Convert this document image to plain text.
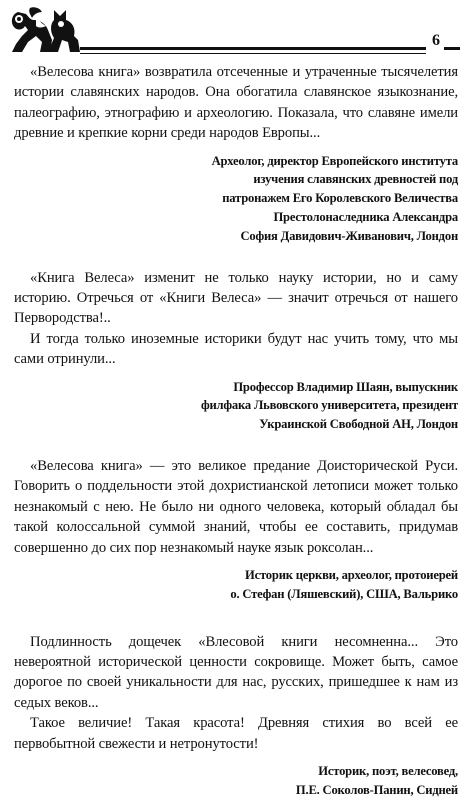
6

«Велесова книга» возвратила отсеченные и утраченные тысячелетия истории славянских народов. Она обогатила славянское языкознание, палеографию, этнографию и археологию. Показала, что славяне имели древние и крепкие корни среди народов Европы...

Археолог, директор Европейского института
изучения славянских древностей под
патронажем Его Королевского Величества
Престолонаследника Александра
София Давидович-Живанович, Лондон

«Книга Велеса» изменит не только науку истории, но и саму историю. Отречься от «Книги Велеса» — значит отречься от нашего Первородства!..

И тогда только иноземные историки будут нас учить тому, что мы сами отринули...

Профессор Владимир Шаян, выпускник
филфака Львовского университета, президент
Украинской Свободной АН, Лондон

«Велесова книга» — это великое предание Доисторической Руси. Говорить о поддельности этой дохристианской летописи может только незнакомый с нею. Не было ни одного человека, который обладал бы такой колоссальной суммой знаний, чтобы ее составить, придумав совершенно до сих пор незнакомый науке язык роксолан...

Историк церкви, археолог, протоиерей
о. Стефан (Ляшевский), США, Вальрико

Подлинность дощечек «Влесовой книги несомненна... Это невероятной исторической ценности сокровище. Может быть, самое дорогое по своей уникальности для нас, русских, пришедшее к нам из седых веков...

Такое величие! Такая красота! Древняя стихия во всей ее первобытной свежести и нетронутости!

Историк, поэт, велесовед,
П.Е. Соколов-Панин, Сидней
